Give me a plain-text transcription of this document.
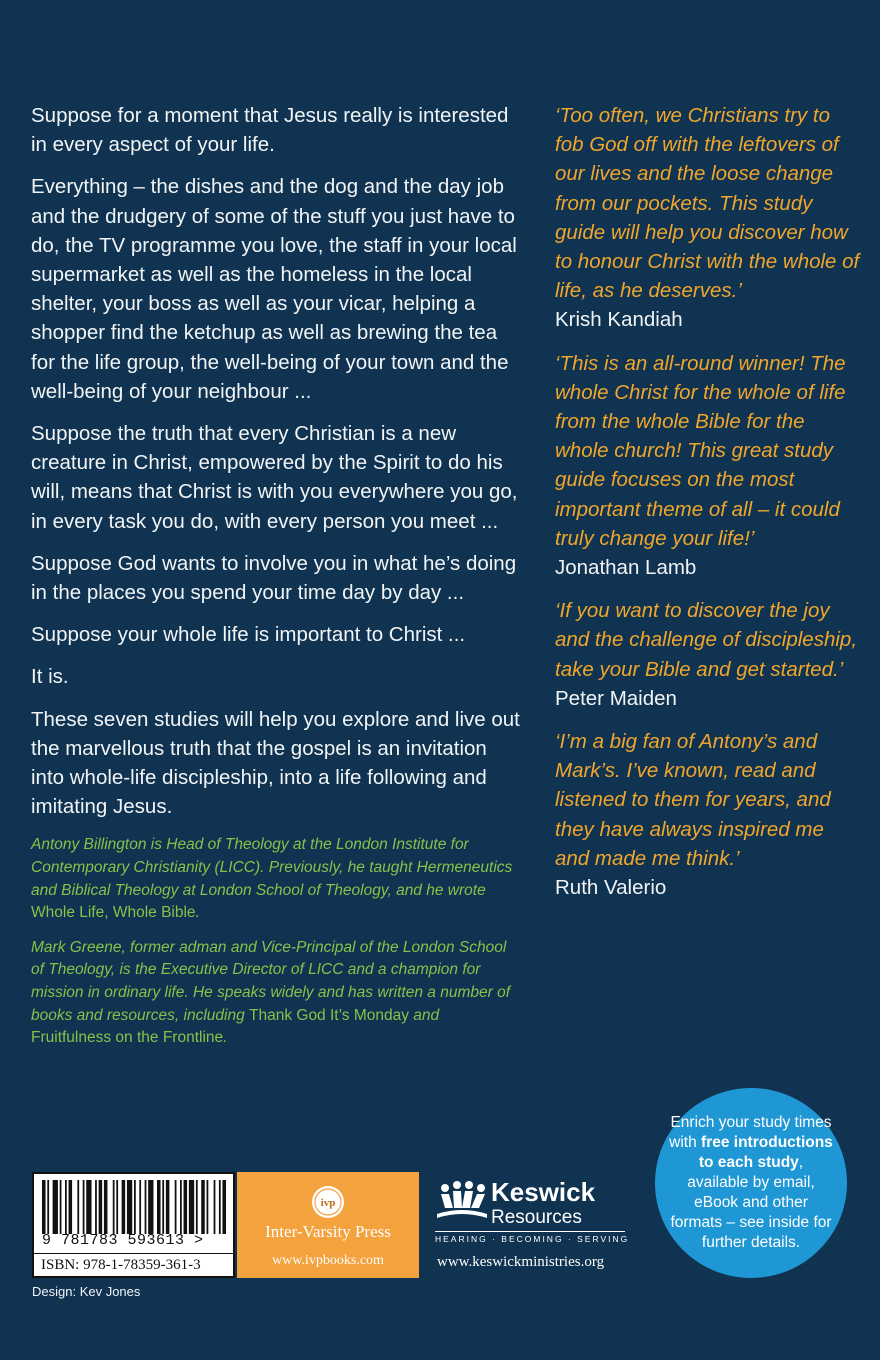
Suppose for a moment that Jesus really is interested in every aspect of your life.

Everything – the dishes and the dog and the day job and the drudgery of some of the stuff you just have to do, the TV programme you love, the staff in your local supermarket as well as the homeless in the local shelter, your boss as well as your vicar, helping a shopper find the ketchup as well as brewing the tea for the life group, the well-being of your town and the well-being of your neighbour ...

Suppose the truth that every Christian is a new creature in Christ, empowered by the Spirit to do his will, means that Christ is with you everywhere you go, in every task you do, with every person you meet ...

Suppose God wants to involve you in what he’s doing in the places you spend your time day by day ...

Suppose your whole life is important to Christ ...

It is.

These seven studies will help you explore and live out the marvellous truth that the gospel is an invitation into whole-life discipleship, into a life following and imitating Jesus.

Antony Billington is Head of Theology at the London Institute for Contemporary Christianity (LICC). Previously, he taught Hermeneutics and Biblical Theology at London School of Theology, and he wrote Whole Life, Whole Bible.

Mark Greene, former adman and Vice-Principal of the London School of Theology, is the Executive Director of LICC and a champion for mission in ordinary life. He speaks widely and has written a number of books and resources, including Thank God It’s Monday and Fruitfulness on the Frontline.

‘Too often, we Christians try to fob God off with the leftovers of our lives and the loose change from our pockets. This study guide will help you discover how to honour Christ with the whole of life, as he deserves.’

Krish Kandiah

‘This is an all-round winner! The whole Christ for the whole of life from the whole Bible for the whole church! This great study guide focuses on the most important theme of all – it could truly change your life!’

Jonathan Lamb

‘If you want to discover the joy and the challenge of discipleship, take your Bible and get started.’

Peter Maiden

‘I’m a big fan of Antony’s and Mark’s. I’ve known, read and listened to them for years, and they have always inspired me and made me think.’

Ruth Valerio

9 781783 593613 >
ISBN: 978-1-78359-361-3
ivp
Inter-Varsity Press
www.ivpbooks.com
Keswick
Resources
HEARING · BECOMING · SERVING
www.keswickministries.org
Enrich your study times with free introductions to each study, available by email, eBook and other formats – see inside for further details.
Design: Kev Jones
